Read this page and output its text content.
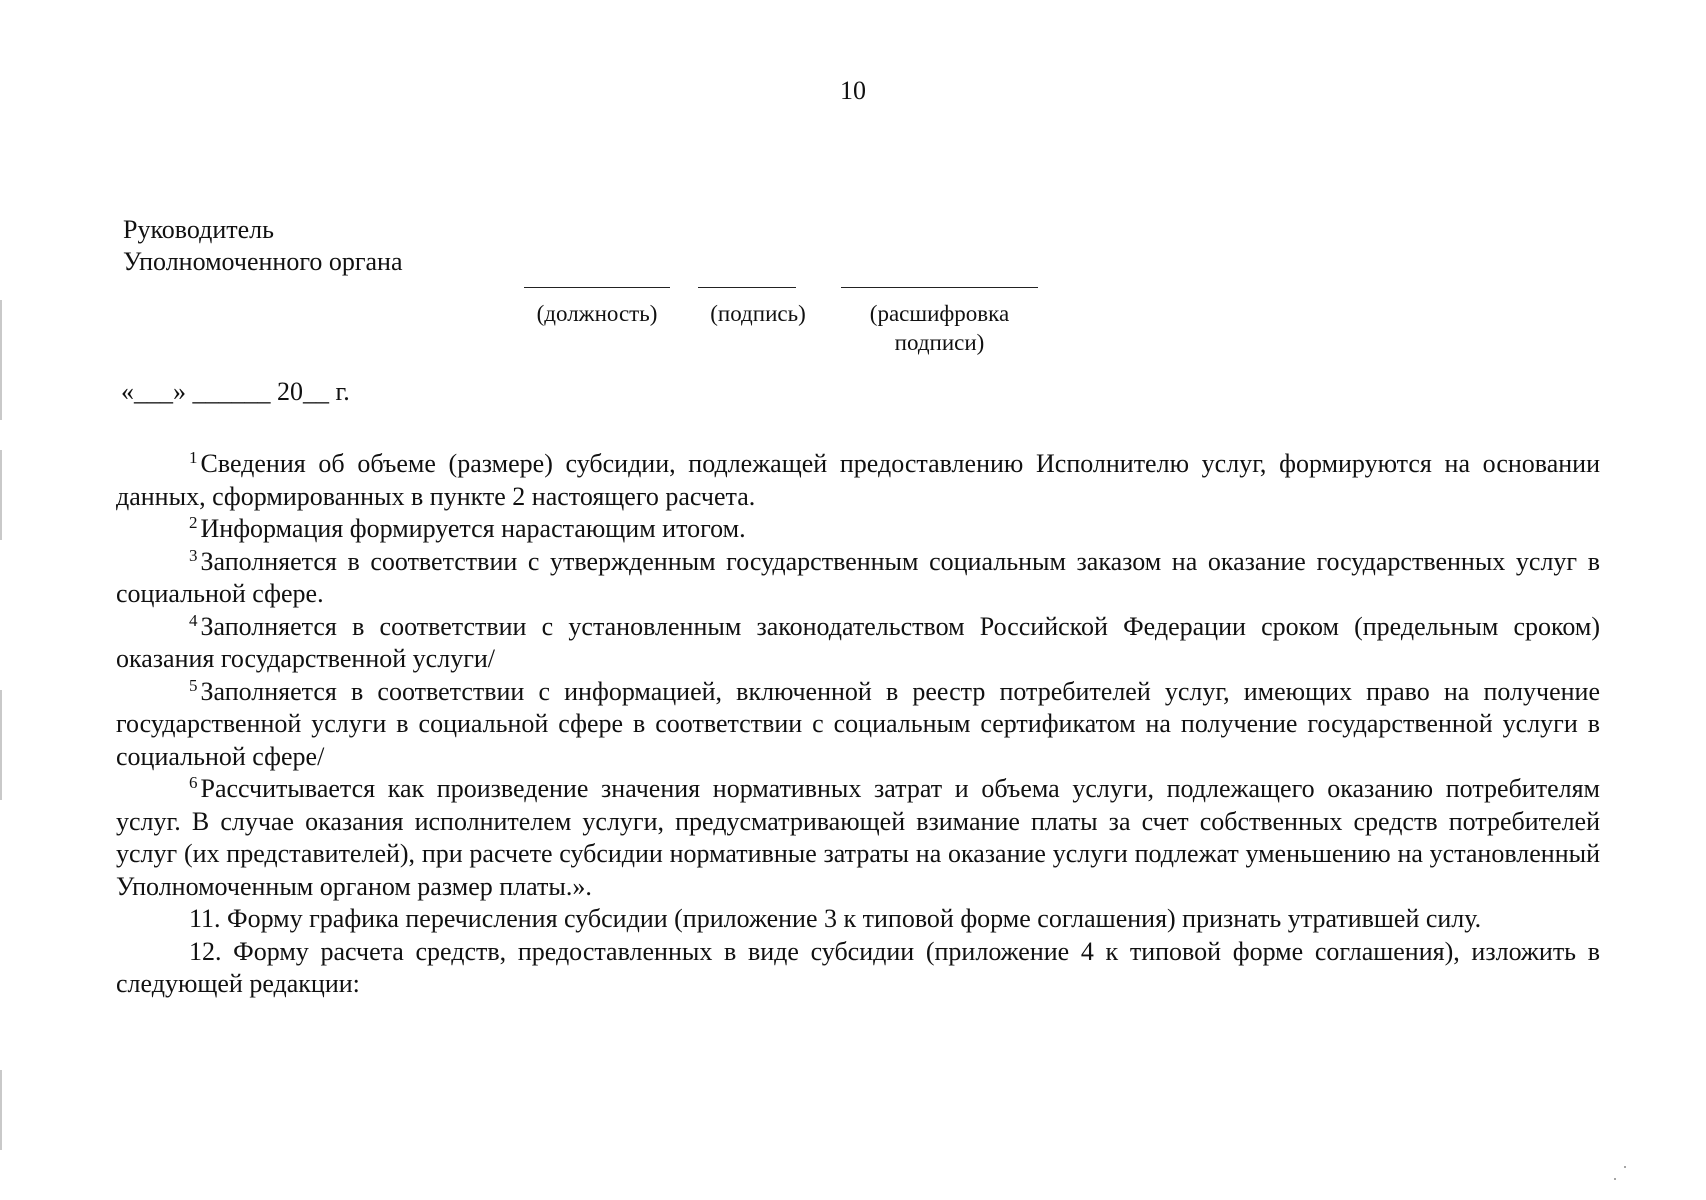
10
Руководитель
Уполномоченного органа
(должность)	(подпись)	(расшифровка
подписи)
«___» ______ 20__ г.

$^1$ Сведения об объеме (размере) субсидии, подлежащей предоставлению Исполнителю услуг, формируются на основании данных, сформированных в пункте 2 настоящего расчета.

$^2$ Информация формируется нарастающим итогом.

$^3$ Заполняется в соответствии с утвержденным государственным социальным заказом на оказание государственных услуг в социальной сфере.

$^4$ Заполняется в соответствии с установленным законодательством Российской Федерации сроком (предельным сроком) оказания государственной услуги/

$^5$ Заполняется в соответствии с информацией, включенной в реестр потребителей услуг, имеющих право на получение государственной услуги в социальной сфере в соответствии с социальным сертификатом на получение государственной услуги в социальной сфере/

$^6$ Рассчитывается как произведение значения нормативных затрат и объема услуги, подлежащего оказанию потребителям услуг. В случае оказания исполнителем услуги, предусматривающей взимание платы за счет собственных средств потребителей услуг (их представителей), при расчете субсидии нормативные затраты на оказание услуги подлежат уменьшению на установленный Уполномоченным органом размер платы.».

11. Форму графика перечисления субсидии (приложение 3 к типовой форме соглашения) признать утратившей силу.

12. Форму расчета средств, предоставленных в виде субсидии (приложение 4 к типовой форме соглашения), изложить в следующей редакции:
